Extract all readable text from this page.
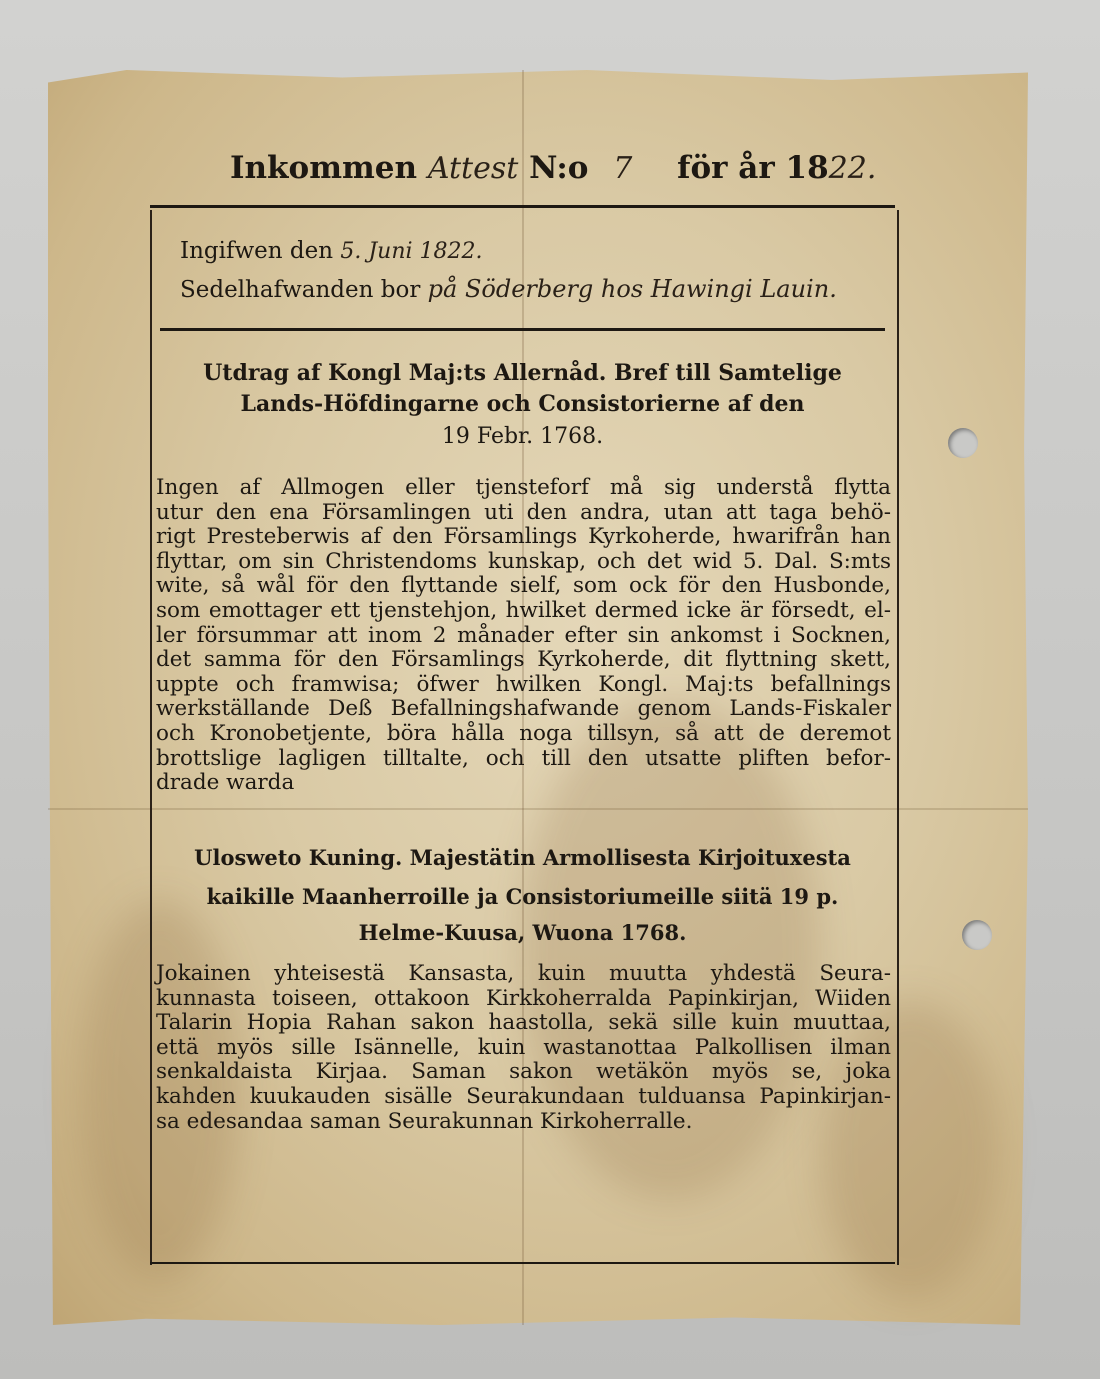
Inkommen Attest N:o 7 för år 1822.
Ingifwen den 5. Juni 1822.
Sedelhafwanden bor på Söderberg hos Hawingi Lauin.
Utdrag af Kongl Maj:ts Allernåd. Bref till Samtelige
Lands-Höfdingarne och Consistorierne af den
19 Febr. 1768.
Ingen af Allmogen eller tjensteforf må sig understå flytta
utur den ena Församlingen uti den andra, utan att taga behö-
rigt Presteberwis af den Församlings Kyrkoherde, hwarifrån han
flyttar, om sin Christendoms kunskap, och det wid 5. Dal. S:mts
wite, så wål för den flyttande sielf, som ock för den Husbonde,
som emottager ett tjenstehjon, hwilket dermed icke är försedt, el-
ler försummar att inom 2 månader efter sin ankomst i Socknen,
det samma för den Församlings Kyrkoherde, dit flyttning skett,
uppte och framwisa; öfwer hwilken Kongl. Maj:ts befallnings
werkställande Deß Befallningshafwande genom Lands-Fiskaler
och Kronobetjente, böra hålla noga tillsyn, så att de deremot
brottslige lagligen tilltalte, och till den utsatte pliften befor-
drade warda
Ulosweto Kuning. Majestätin Armollisesta Kirjoituxesta
kaikille Maanherroille ja Consistoriumeille siitä 19 p.
Helme-Kuusa, Wuona 1768.
Jokainen yhteisestä Kansasta, kuin muutta yhdestä Seura-
kunnasta toiseen, ottakoon Kirkkoherralda Papinkirjan, Wiiden
Talarin Hopia Rahan sakon haastolla, sekä sille kuin muuttaa,
että myös sille Isännelle, kuin wastanottaa Palkollisen ilman
senkaldaista Kirjaa. Saman sakon wetäkön myös se, joka
kahden kuukauden sisälle Seurakundaan tulduansa Papinkirjan-
sa edesandaa saman Seurakunnan Kirkoherralle.
